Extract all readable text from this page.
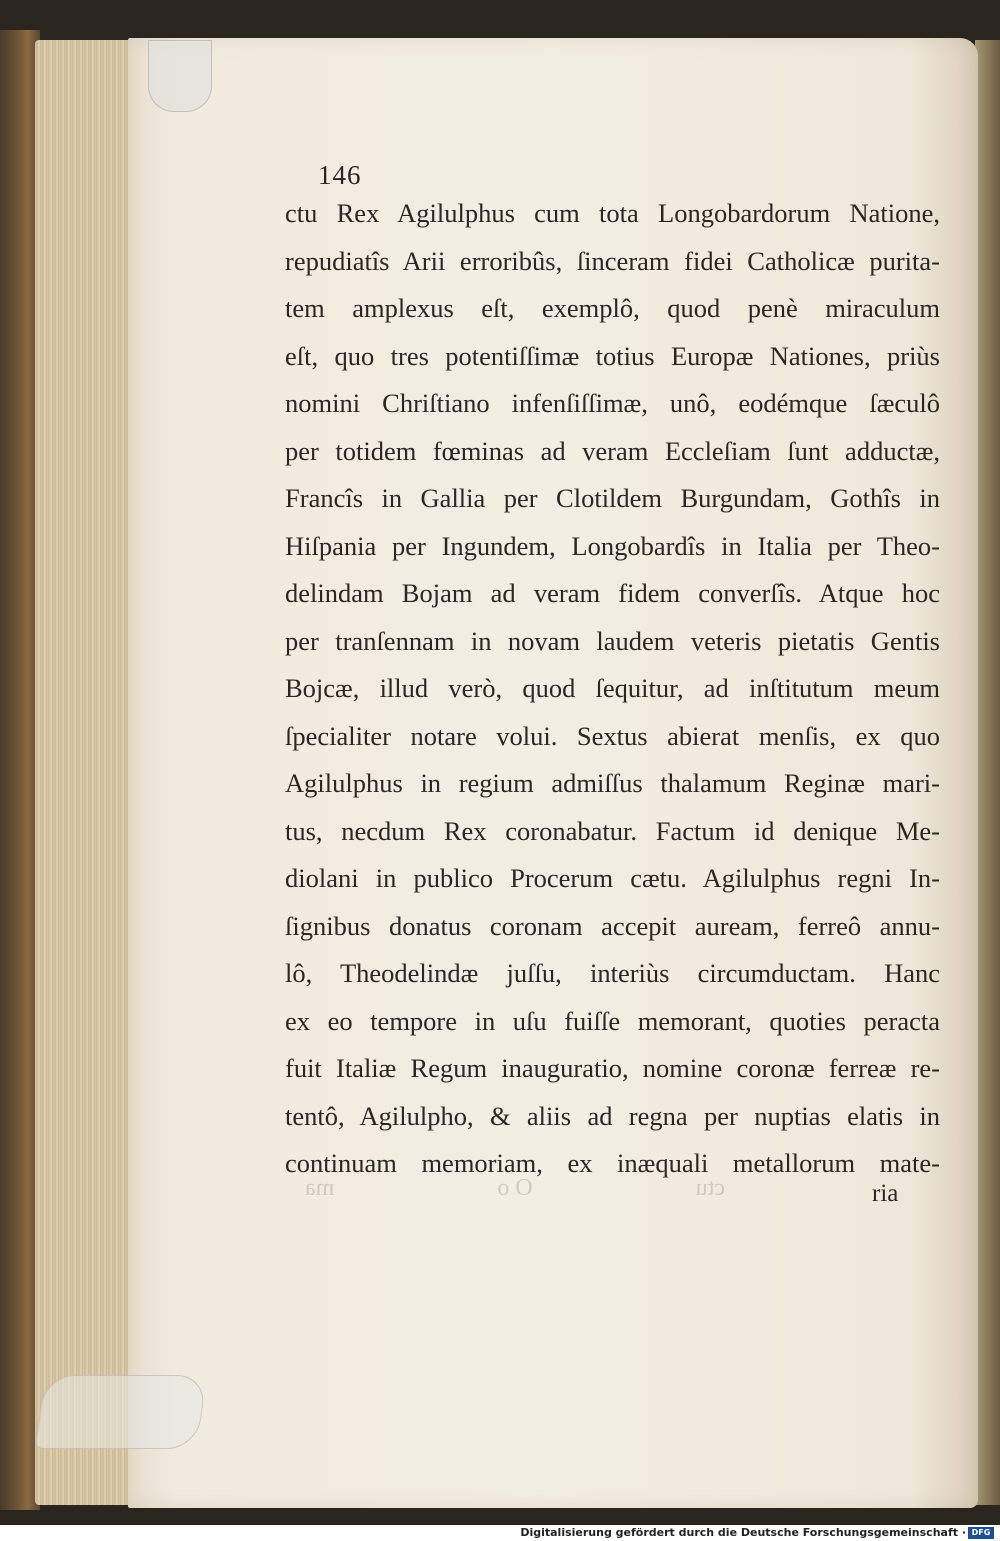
146
ctu Rex Agilulphus cum tota Longobardorum Natione,
repudiatîs Arii erroribûs, ſinceram fidei Catholicæ purita-
tem amplexus eſt, exemplô, quod penè miraculum
eſt, quo tres potentiſſimæ totius Europæ Nationes, priùs
nomini Chriſtiano infenſiſſimæ, unô, eodémque ſæculô
per totidem fœminas ad veram Eccleſiam ſunt adductæ,
Francîs in Gallia per Clotildem Burgundam, Gothîs in
Hiſpania per Ingundem, Longobardîs in Italia per Theo-
delindam Bojam ad veram fidem converſîs. Atque hoc
per tranſennam in novam laudem veteris pietatis Gentis
Bojcæ, illud verò, quod ſequitur, ad inſtitutum meum
ſpecialiter notare volui. Sextus abierat menſis, ex quo
Agilulphus in regium admiſſus thalamum Reginæ mari-
tus, necdum Rex coronabatur. Factum id denique Me-
diolani in publico Procerum cætu. Agilulphus regni In-
ſignibus donatus coronam accepit auream, ferreô annu-
lô, Theodelindæ juſſu, interiùs circumductam. Hanc
ex eo tempore in uſu fuiſſe memorant, quoties peracta
fuit Italiæ Regum inauguratio, nomine coronæ ferreæ re-
tentô, Agilulpho, & aliis ad regna per nuptias elatis in
continuam memoriam, ex inæquali metallorum mate-
ctu
O o
ma	ria
Digitalisierung gefördert durch die Deutsche Forschungsgemeinschaft · DFG
